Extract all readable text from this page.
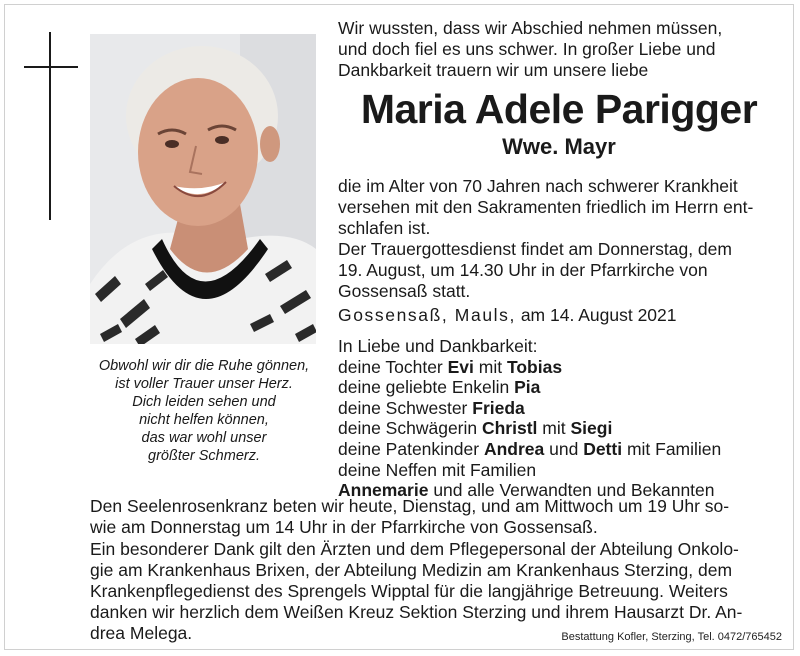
Obwohl wir dir die Ruhe gönnen,
ist voller Trauer unser Herz.
Dich leiden sehen und
nicht helfen können,
das war wohl unser
größter Schmerz.
Wir wussten, dass wir Abschied nehmen müssen,
und doch fiel es uns schwer. In großer Liebe und
Dankbarkeit trauern wir um unsere liebe
Maria Adele Parigger
Wwe. Mayr
die im Alter von 70 Jahren nach schwerer Krankheit
versehen mit den Sakramenten friedlich im Herrn ent-
schlafen ist.
Der Trauergottesdienst findet am Donnerstag, dem
19. August, um 14.30 Uhr in der Pfarrkirche von
Gossensaß statt.
Gossensaß, Mauls, am 14. August 2021
In Liebe und Dankbarkeit:
deine Tochter Evi mit Tobias
deine geliebte Enkelin Pia
deine Schwester Frieda
deine Schwägerin Christl mit Siegi
deine Patenkinder Andrea und Detti mit Familien
deine Neffen mit Familien
Annemarie und alle Verwandten und Bekannten
Den Seelenrosenkranz beten wir heute, Dienstag, und am Mittwoch um 19 Uhr so-
wie am Donnerstag um 14 Uhr in der Pfarrkirche von Gossensaß.
Ein besonderer Dank gilt den Ärzten und dem Pflegepersonal der Abteilung Onkolo-
gie am Krankenhaus Brixen, der Abteilung Medizin am Krankenhaus Sterzing, dem
Krankenpflegedienst des Sprengels Wipptal für die langjährige Betreuung. Weiters
danken wir herzlich dem Weißen Kreuz Sektion Sterzing und ihrem Hausarzt Dr. An-
drea Melega.	Bestattung Kofler, Sterzing, Tel. 0472/765452
